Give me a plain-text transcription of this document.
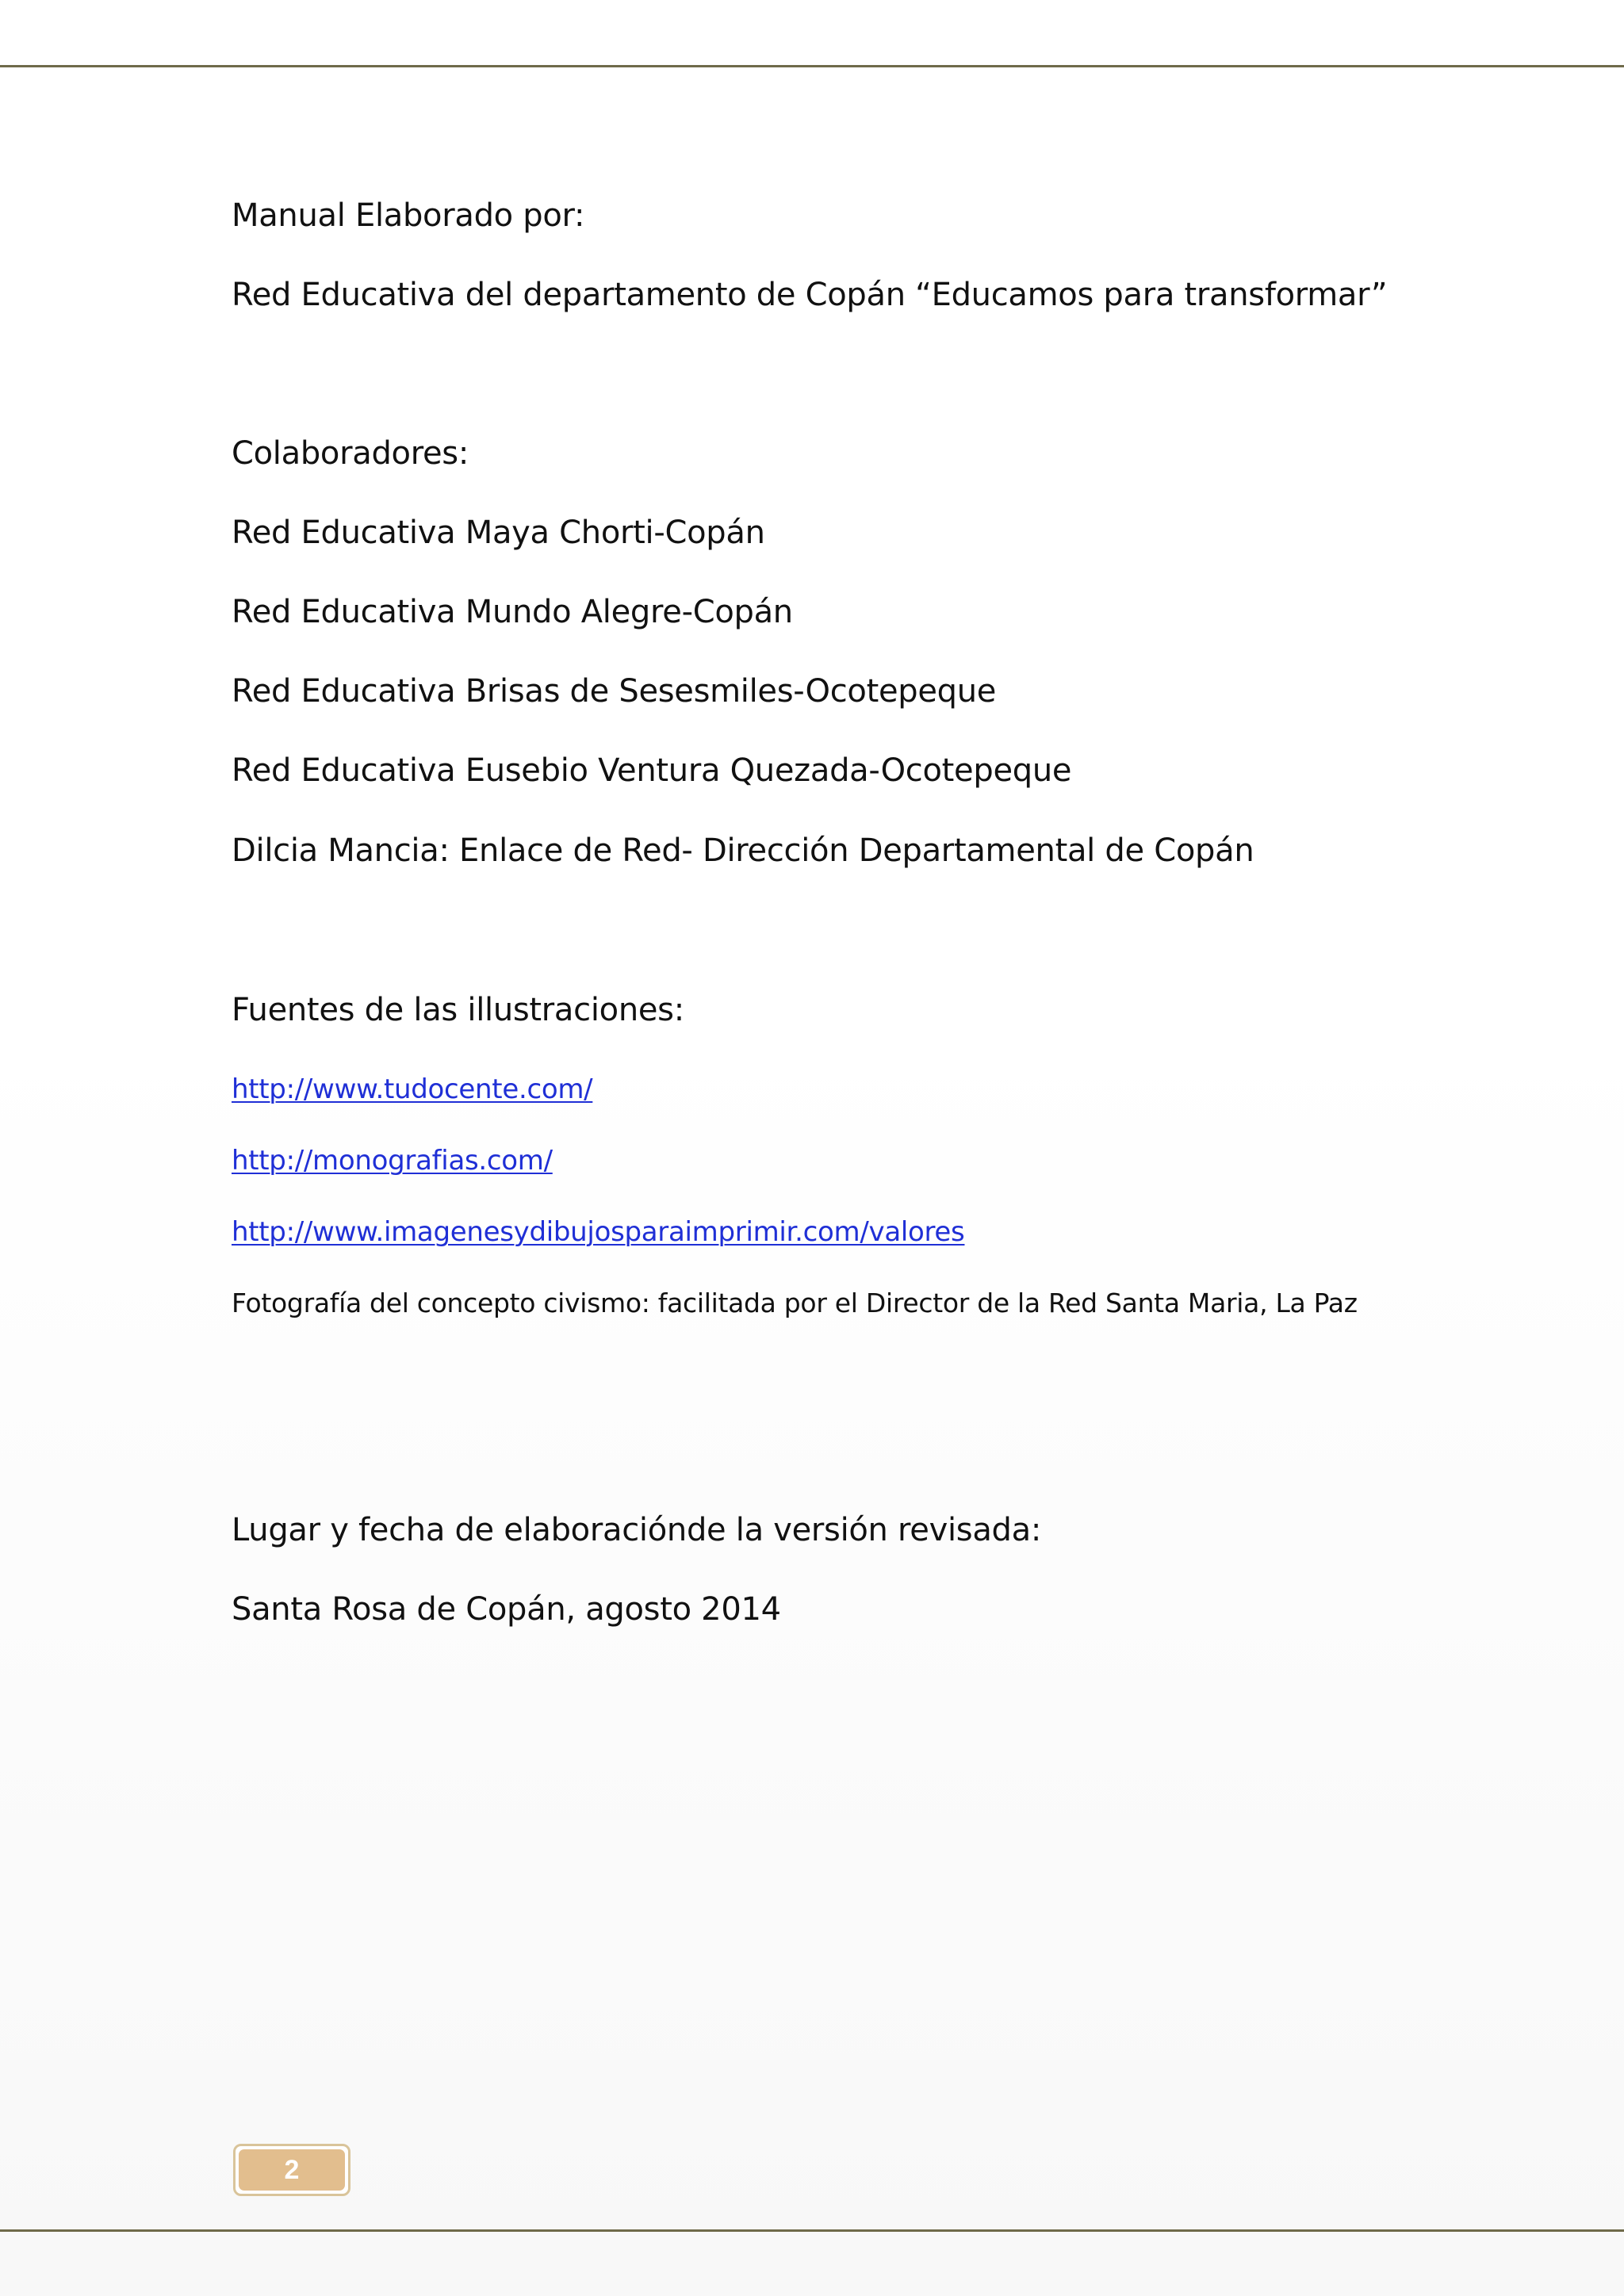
Manual Elaborado por:
Red Educativa del departamento de Copán “Educamos para transformar”
Colaboradores:
Red Educativa Maya Chorti-Copán
Red Educativa Mundo Alegre-Copán
Red Educativa Brisas de Sesesmiles-Ocotepeque
Red Educativa Eusebio Ventura Quezada-Ocotepeque
Dilcia Mancia: Enlace de Red- Dirección Departamental de Copán
Fuentes de las illustraciones:
http://www.tudocente.com/
http://monografias.com/
http://www.imagenesydibujosparaimprimir.com/valores
Fotografía del concepto civismo: facilitada por el Director de la Red Santa Maria, La Paz
Lugar y fecha de elaboracióndе la versión revisada:
Santa Rosa de Copán, agosto 2014
2
